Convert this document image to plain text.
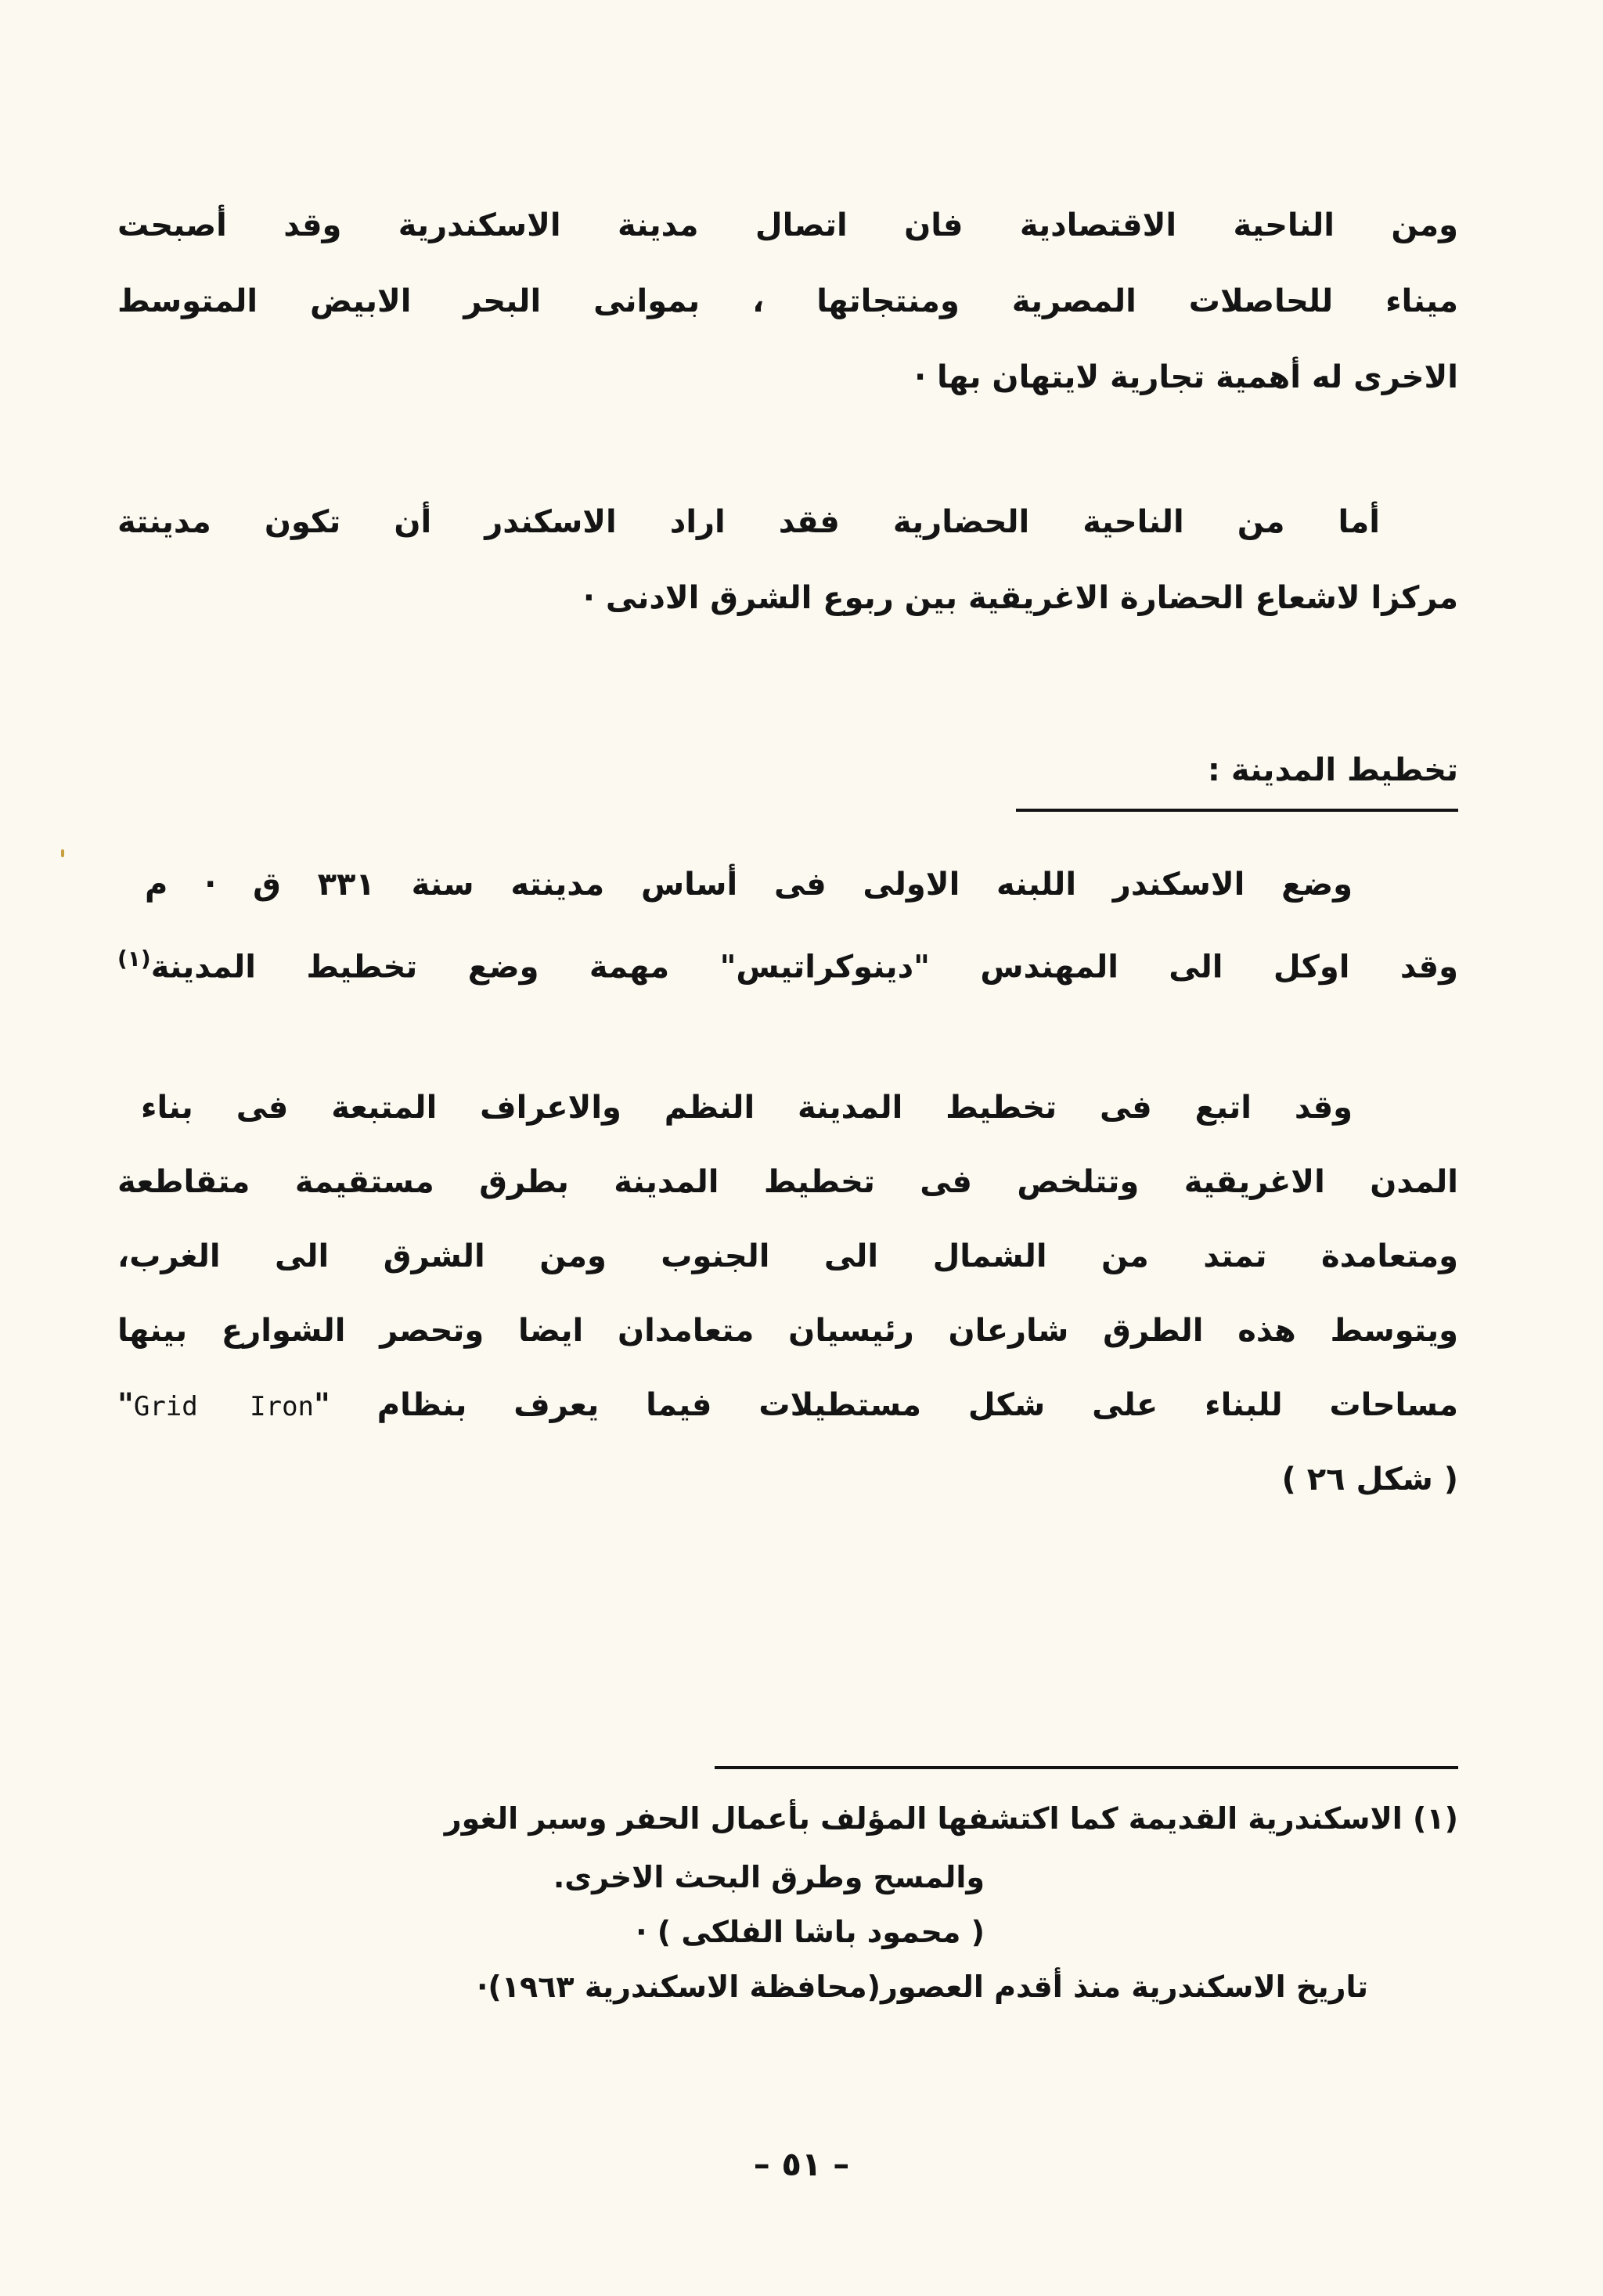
ومن الناحية الاقتصادية فان اتصال مدينة الاسكندرية وقد أصبحت
ميناء للحاصلات المصرية ومنتجاتها ، بموانى البحر الابيض المتوسط
الاخرى له أهمية تجارية لايتهان بها ·
أما من الناحية الحضارية فقد اراد الاسكندر أن تكون مدينتة
مركزا لاشعاع الحضارة الاغريقية بين ربوع الشرق الادنى ·
تخطيط المدينة :
وضع الاسكندر اللبنه الاولى فى أساس مدينته سنة ٣٣١ ق · م
وقد اوكل الى المهندس "دينوكراتيس" مهمة وضع تخطيط المدينة$^{(١)}$
وقد اتبع فى تخطيط المدينة النظم والاعراف المتبعة فى بناء
المدن الاغريقية وتتلخص فى تخطيط المدينة بطرق مستقيمة متقاطعة
ومتعامدة تمتد من الشمال الى الجنوب ومن الشرق الى الغرب،
ويتوسط هذه الطرق شارعان رئيسيان متعامدان ايضا وتحصر الشوارع بينها
مساحات للبناء على شكل مستطيلات فيما يعرف بنظام "Grid Iron"
( شكل ٢٦ )
(١) الاسكندرية القديمة كما اكتشفها المؤلف بأعمال الحفر وسبر الغور
والمسح وطرق البحث الاخرى.
( محمود باشا الفلكى ) ·
تاريخ الاسكندرية منذ أقدم العصور(محافظة الاسكندرية ١٩٦٣)·
– ٥١ –
